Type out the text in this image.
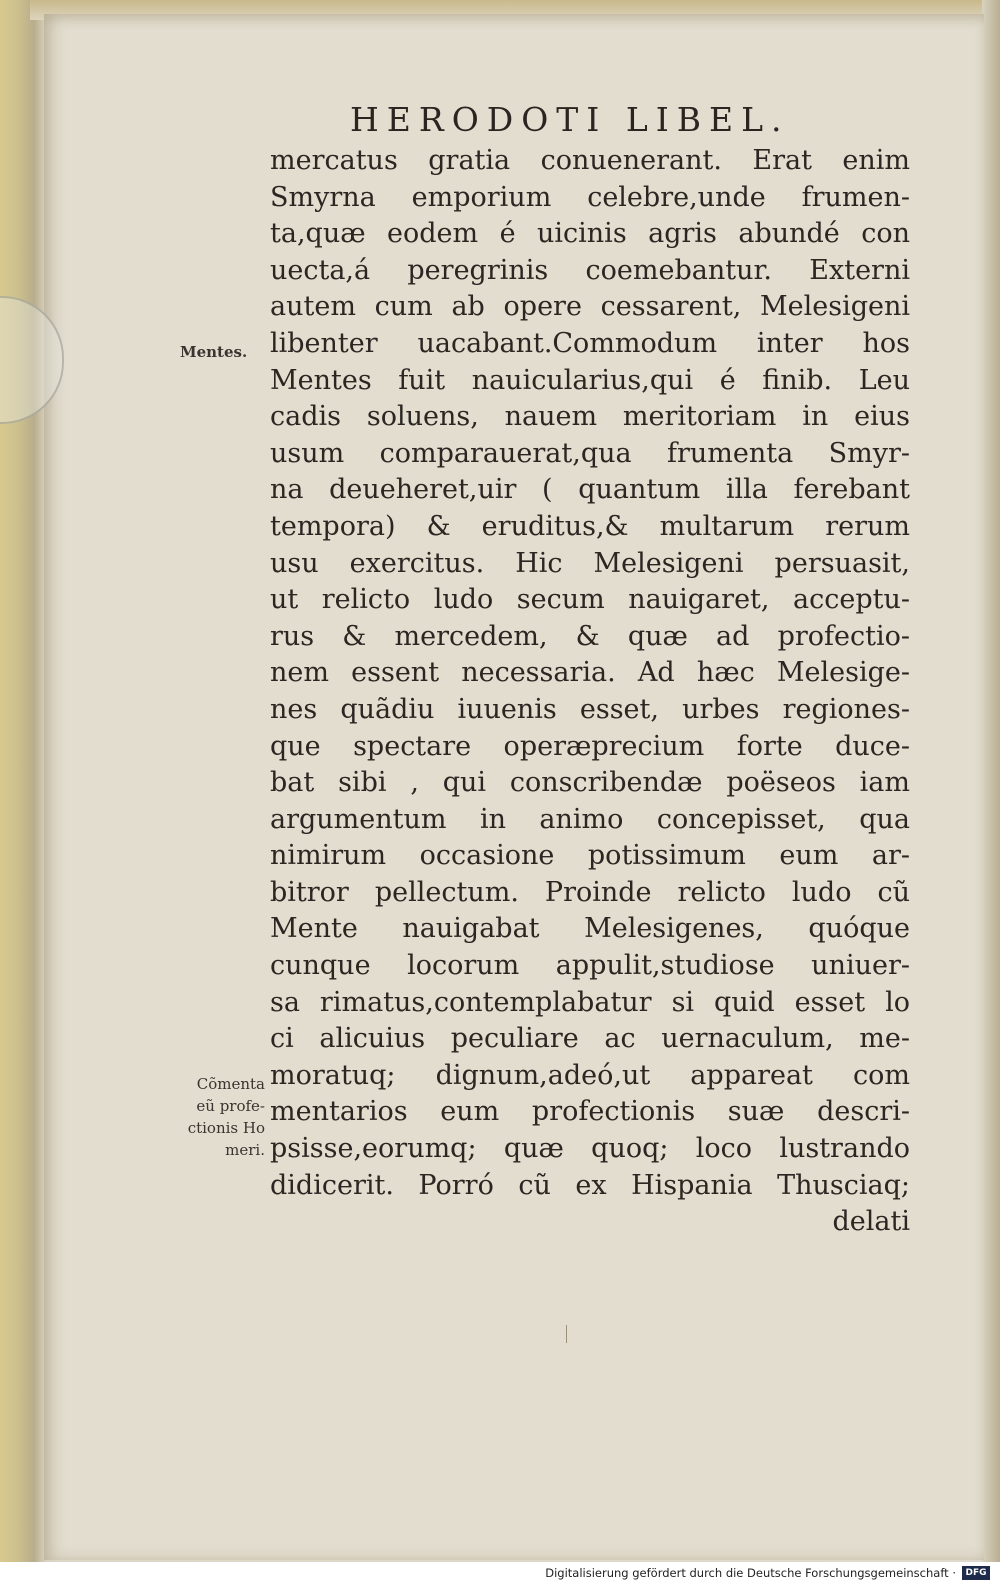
HERODOTI LIBEL.
mercatus gratia conuenerant. Erat enim
Smyrna emporium celebre,unde frumen-
ta,quæ eodem é uicinis agris abundé con
uecta,á peregrinis coemebantur. Externi
autem cum ab opere cessarent, Melesigeni
libenter uacabant.Commodum inter hos
Mentes fuit nauicularius,qui é finib. Leu
cadis soluens, nauem meritoriam in eius
usum comparauerat,qua frumenta Smyr-
na deueheret,uir ( quantum illa ferebant
tempora) & eruditus,& multarum rerum
usu exercitus. Hic Melesigeni persuasit,
ut relicto ludo secum nauigaret, acceptu-
rus & mercedem, & quæ ad profectio-
nem essent necessaria. Ad hæc Melesige-
nes quãdiu iuuenis esset, urbes regiones-
que spectare operæprecium forte duce-
bat sibi , qui conscribendæ poëseos iam
argumentum in animo concepisset, qua
nimirum occasione potissimum eum ar-
bitror pellectum. Proinde relicto ludo cũ
Mente nauigabat Melesigenes, quóque
cunque locorum appulit,studiose uniuer-
sa rimatus,contemplabatur si quid esset lo
ci alicuius peculiare ac uernaculum, me-
moratuq; dignum,adeó,ut appareat com
mentarios eum profectionis suæ descri-
psisse,eorumq; quæ quoq; loco lustrando
didicerit. Porró cũ ex Hispania Thusciaq;
delati
Mentes.
Cõmenta
eũ profe-
ctionis Ho
meri.
Digitalisierung gefördert durch die Deutsche Forschungsgemeinschaft ·	DFG
